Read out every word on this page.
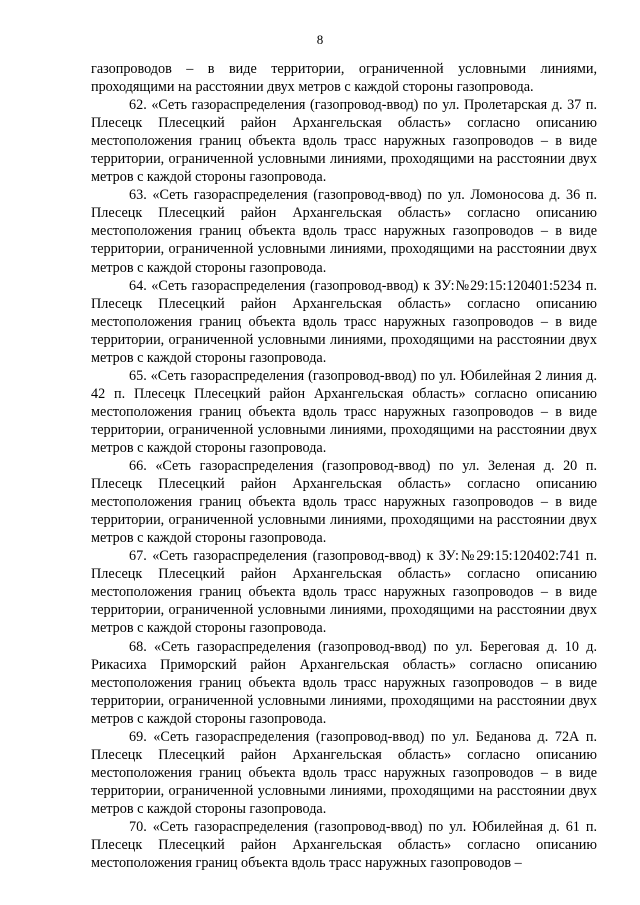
8

газопроводов – в виде территории, ограниченной условными линиями, проходящими на расстоянии двух метров с каждой стороны газопровода.

62. «Сеть газораспределения (газопровод-ввод) по ул. Пролетарская д. 37 п. Плесецк Плесецкий район Архангельская область» согласно описанию местоположения границ объекта вдоль трасс наружных газопроводов – в виде территории, ограниченной условными линиями, проходящими на расстоянии двух метров с каждой стороны газопровода.

63. «Сеть газораспределения (газопровод-ввод) по ул. Ломоносова д. 36 п. Плесецк Плесецкий район Архангельская область» согласно описанию местоположения границ объекта вдоль трасс наружных газопроводов – в виде территории, ограниченной условными линиями, проходящими на расстоянии двух метров с каждой стороны газопровода.

64. «Сеть газораспределения (газопровод-ввод) к ЗУ:№29:15:120401:5234 п. Плесецк Плесецкий район Архангельская область» согласно описанию местоположения границ объекта вдоль трасс наружных газопроводов – в виде территории, ограниченной условными линиями, проходящими на расстоянии двух метров с каждой стороны газопровода.

65. «Сеть газораспределения (газопровод-ввод) по ул. Юбилейная 2 линия д. 42 п. Плесецк Плесецкий район Архангельская область» согласно описанию местоположения границ объекта вдоль трасс наружных газопроводов – в виде территории, ограниченной условными линиями, проходящими на расстоянии двух метров с каждой стороны газопровода.

66. «Сеть газораспределения (газопровод-ввод) по ул. Зеленая д. 20 п. Плесецк Плесецкий район Архангельская область» согласно описанию местоположения границ объекта вдоль трасс наружных газопроводов – в виде территории, ограниченной условными линиями, проходящими на расстоянии двух метров с каждой стороны газопровода.

67. «Сеть газораспределения (газопровод-ввод) к ЗУ:№29:15:120402:741 п. Плесецк Плесецкий район Архангельская область» согласно описанию местоположения границ объекта вдоль трасс наружных газопроводов – в виде территории, ограниченной условными линиями, проходящими на расстоянии двух метров с каждой стороны газопровода.

68. «Сеть газораспределения (газопровод-ввод) по ул. Береговая д. 10 д. Рикасиха Приморский район Архангельская область» согласно описанию местоположения границ объекта вдоль трасс наружных газопроводов – в виде территории, ограниченной условными линиями, проходящими на расстоянии двух метров с каждой стороны газопровода.

69. «Сеть газораспределения (газопровод-ввод) по ул. Беданова д. 72А п. Плесецк Плесецкий район Архангельская область» согласно описанию местоположения границ объекта вдоль трасс наружных газопроводов – в виде территории, ограниченной условными линиями, проходящими на расстоянии двух метров с каждой стороны газопровода.

70. «Сеть газораспределения (газопровод-ввод) по ул. Юбилейная д. 61 п. Плесецк Плесецкий район Архангельская область» согласно описанию местоположения границ объекта вдоль трасс наружных газопроводов –
